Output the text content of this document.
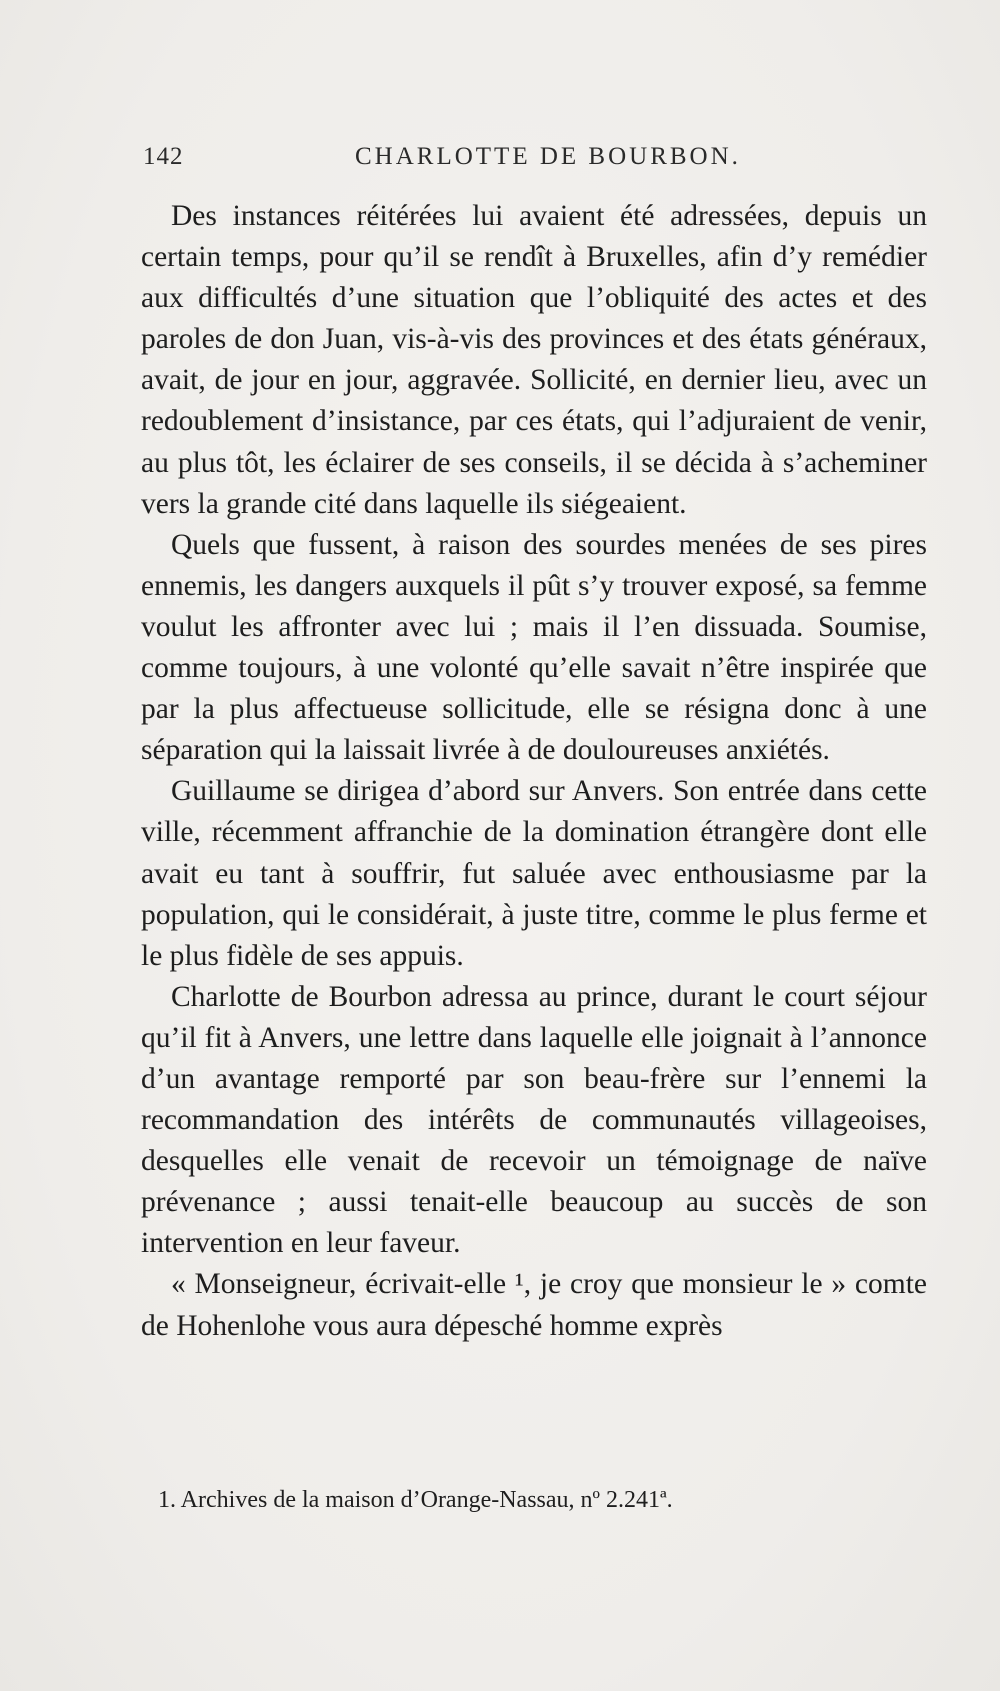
142	CHARLOTTE DE BOURBON.

Des instances réitérées lui avaient été adressées, depuis un certain temps, pour qu’il se rendît à Bruxelles, afin d’y remédier aux difficultés d’une situation que l’obliquité des actes et des paroles de don Juan, vis-à-vis des provinces et des états généraux, avait, de jour en jour, aggravée. Sollicité, en dernier lieu, avec un redoublement d’insistance, par ces états, qui l’adjuraient de venir, au plus tôt, les éclairer de ses conseils, il se décida à s’acheminer vers la grande cité dans laquelle ils siégeaient.

Quels que fussent, à raison des sourdes menées de ses pires ennemis, les dangers auxquels il pût s’y trouver exposé, sa femme voulut les affronter avec lui ; mais il l’en dissuada. Soumise, comme toujours, à une volonté qu’elle savait n’être inspirée que par la plus affectueuse sollicitude, elle se résigna donc à une séparation qui la laissait livrée à de douloureuses anxiétés.

Guillaume se dirigea d’abord sur Anvers. Son entrée dans cette ville, récemment affranchie de la domination étrangère dont elle avait eu tant à souffrir, fut saluée avec enthousiasme par la population, qui le considérait, à juste titre, comme le plus ferme et le plus fidèle de ses appuis.

Charlotte de Bourbon adressa au prince, durant le court séjour qu’il fit à Anvers, une lettre dans laquelle elle joignait à l’annonce d’un avantage remporté par son beau-frère sur l’ennemi la recommandation des intérêts de communautés villageoises, desquelles elle venait de recevoir un témoignage de naïve prévenance ; aussi tenait-elle beaucoup au succès de son intervention en leur faveur.

« Monseigneur, écrivait-elle ¹, je croy que monsieur le » comte de Hohenlohe vous aura dépesché homme exprès

1. Archives de la maison d’Orange-Nassau, nº 2.241ª.
